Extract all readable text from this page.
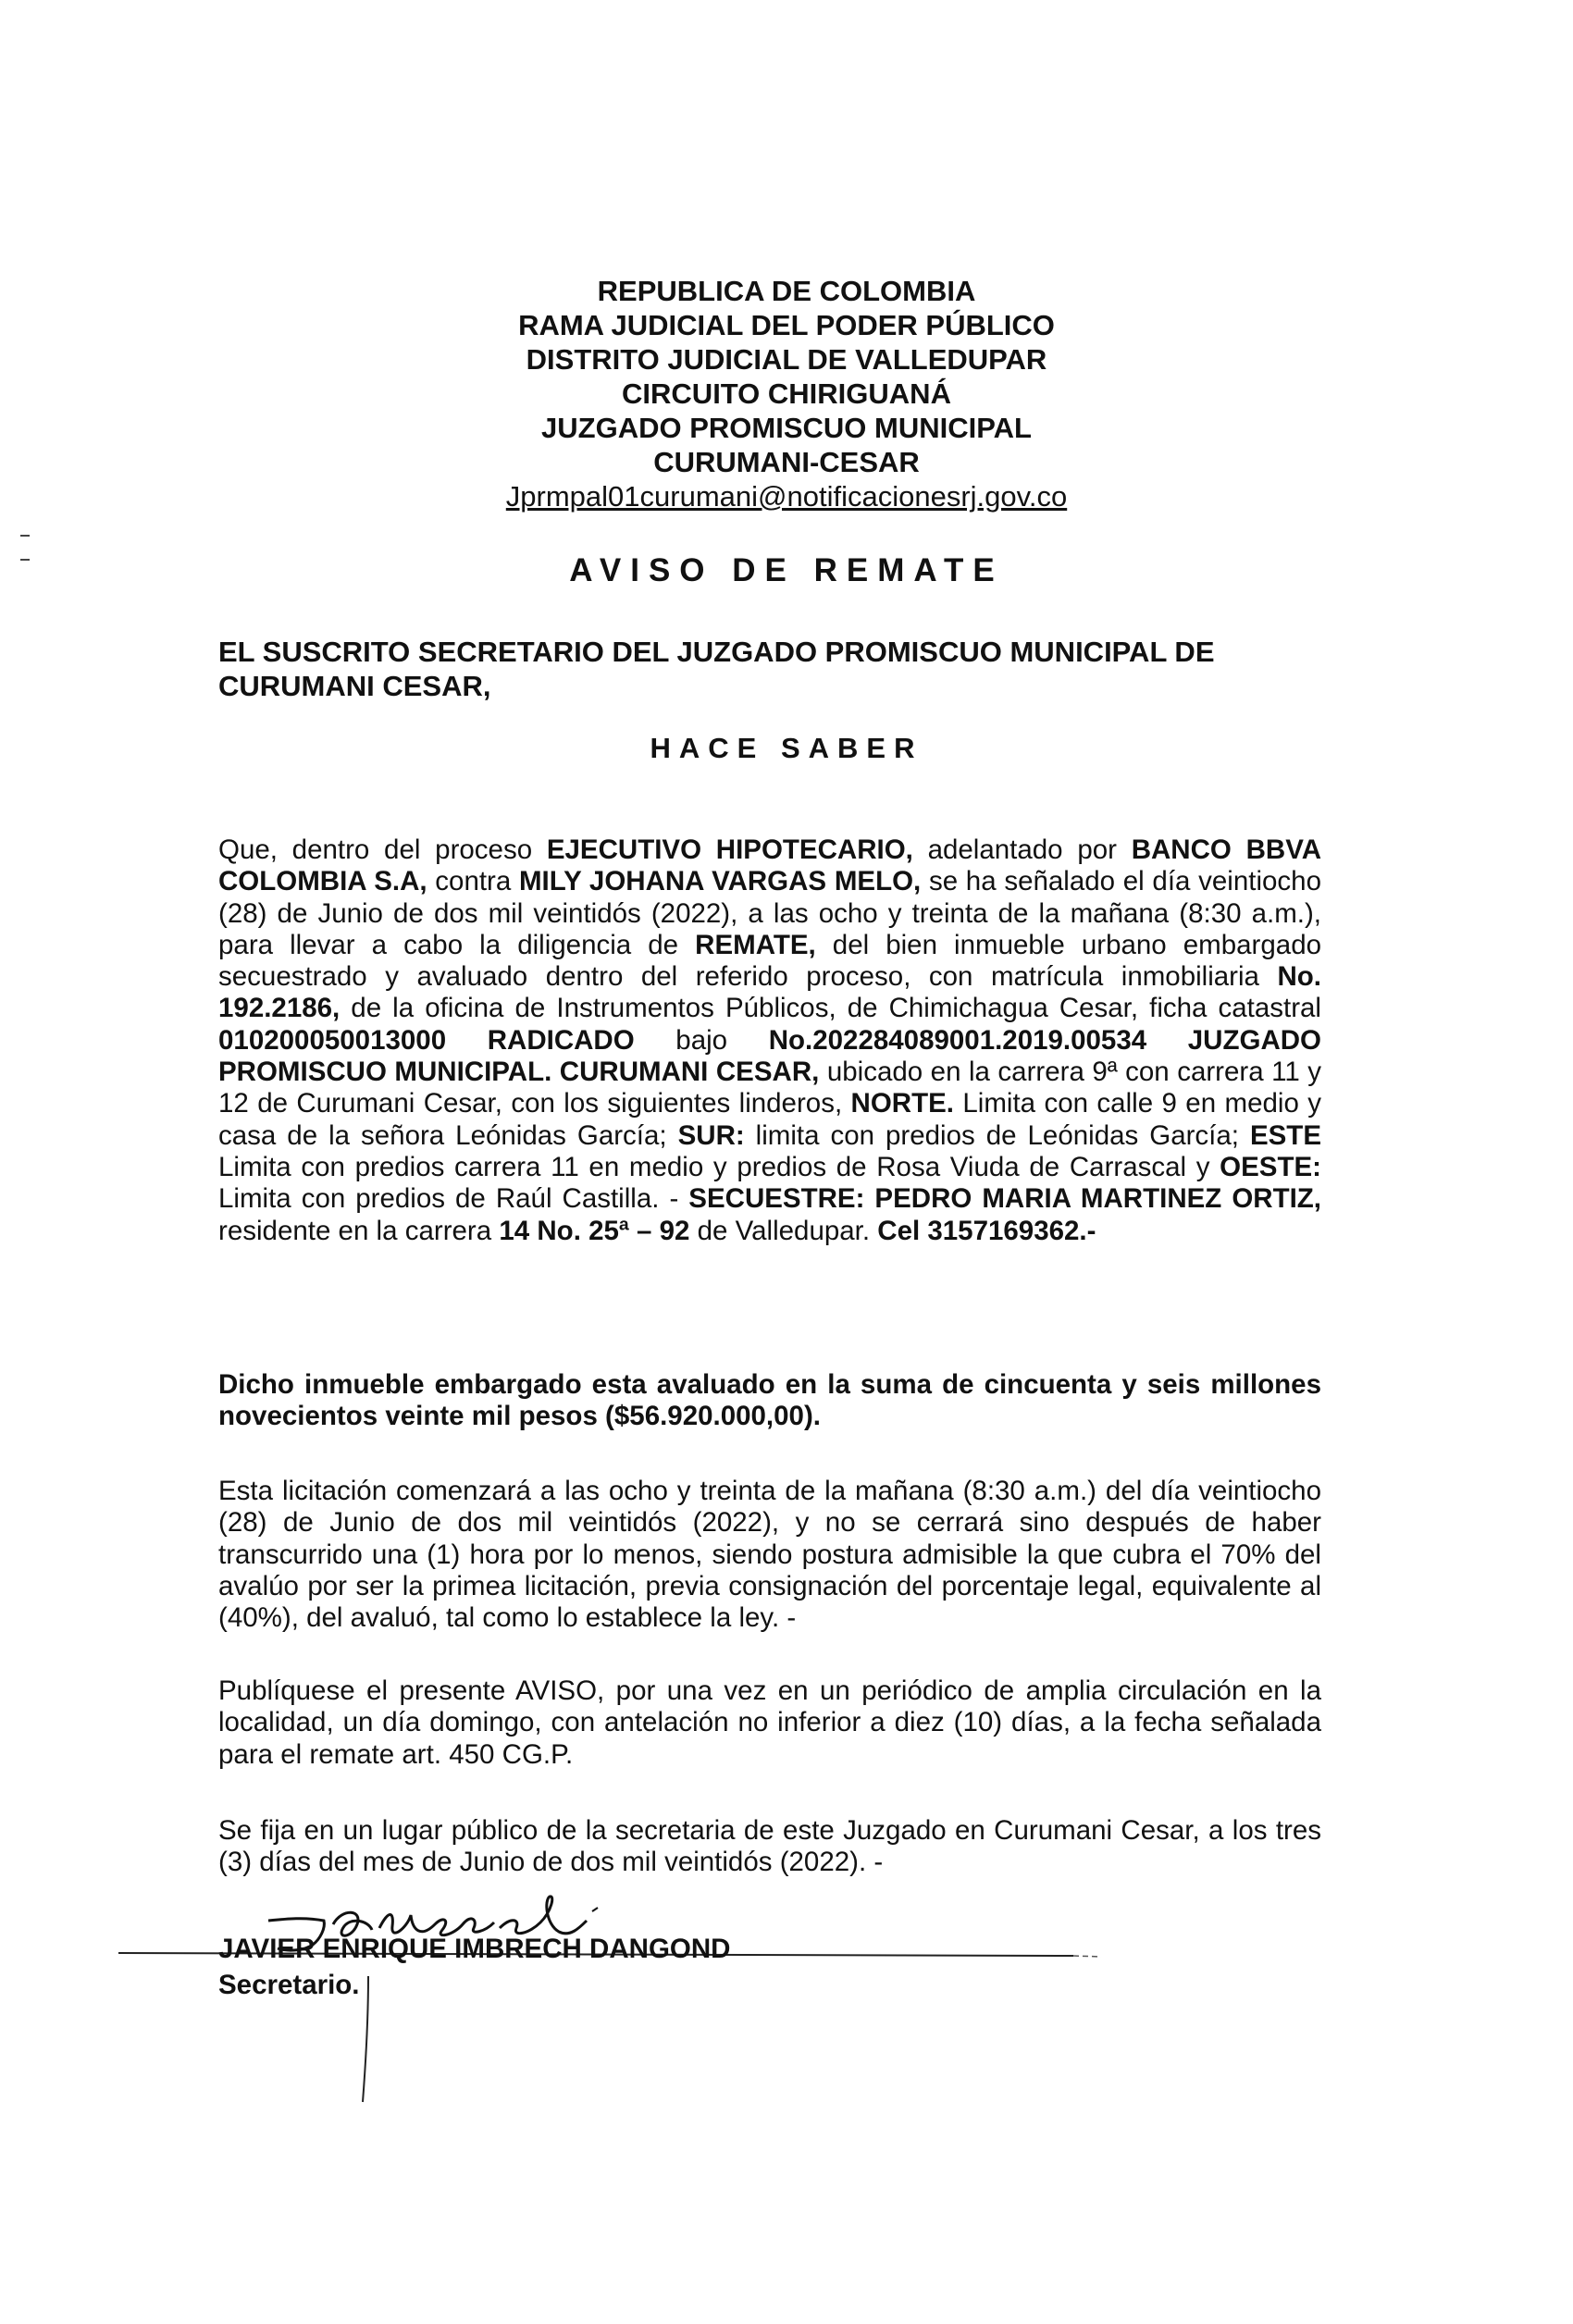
REPUBLICA DE COLOMBIA
RAMA JUDICIAL DEL PODER PÚBLICO
DISTRITO JUDICIAL DE VALLEDUPAR
CIRCUITO CHIRIGUANÁ
JUZGADO PROMISCUO MUNICIPAL
CURUMANI-CESAR
Jprmpal01curumani@notificacionesrj.gov.co
AVISO DE REMATE
EL SUSCRITO SECRETARIO DEL JUZGADO PROMISCUO MUNICIPAL DE CURUMANI CESAR,
HACE SABER
Que, dentro del proceso EJECUTIVO HIPOTECARIO, adelantado por BANCO BBVA COLOMBIA S.A, contra MILY JOHANA VARGAS MELO, se ha señalado el día veintiocho (28) de Junio de dos mil veintidós (2022), a las ocho y treinta de la mañana (8:30 a.m.), para llevar a cabo la diligencia de REMATE, del bien inmueble urbano embargado secuestrado y avaluado dentro del referido proceso, con matrícula inmobiliaria No. 192.2186, de la oficina de Instrumentos Públicos, de Chimichagua Cesar, ficha catastral 010200050013000 RADICADO bajo No.202284089001.2019.00534 JUZGADO PROMISCUO MUNICIPAL. CURUMANI CESAR, ubicado en la carrera 9ª con carrera 11 y 12 de Curumani Cesar, con los siguientes linderos, NORTE. Limita con calle 9 en medio y casa de la señora Leónidas García; SUR: limita con predios de Leónidas García; ESTE Limita con predios carrera 11 en medio y predios de Rosa Viuda de Carrascal y OESTE: Limita con predios de Raúl Castilla. - SECUESTRE: PEDRO MARIA MARTINEZ ORTIZ, residente en la carrera 14 No. 25ª – 92 de Valledupar. Cel 3157169362.-
Dicho inmueble embargado esta avaluado en la suma de cincuenta y seis millones novecientos veinte mil pesos ($56.920.000,00).
Esta licitación comenzará a las ocho y treinta de la mañana (8:30 a.m.) del día veintiocho (28) de Junio de dos mil veintidós (2022), y no se cerrará sino después de haber transcurrido una (1) hora por lo menos, siendo postura admisible la que cubra el 70% del avalúo por ser la primea licitación, previa consignación del porcentaje legal, equivalente al (40%), del avaluó, tal como lo establece la ley. -
Publíquese el presente AVISO, por una vez en un periódico de amplia circulación en la localidad, un día domingo, con antelación no inferior a diez (10) días, a la fecha señalada para el remate art. 450 CG.P.
Se fija en un lugar público de la secretaria de este Juzgado en Curumani Cesar, a los tres (3) días del mes de Junio de dos mil veintidós (2022). -
JAVIER ENRIQUE IMBRECH DANGOND
Secretario.
